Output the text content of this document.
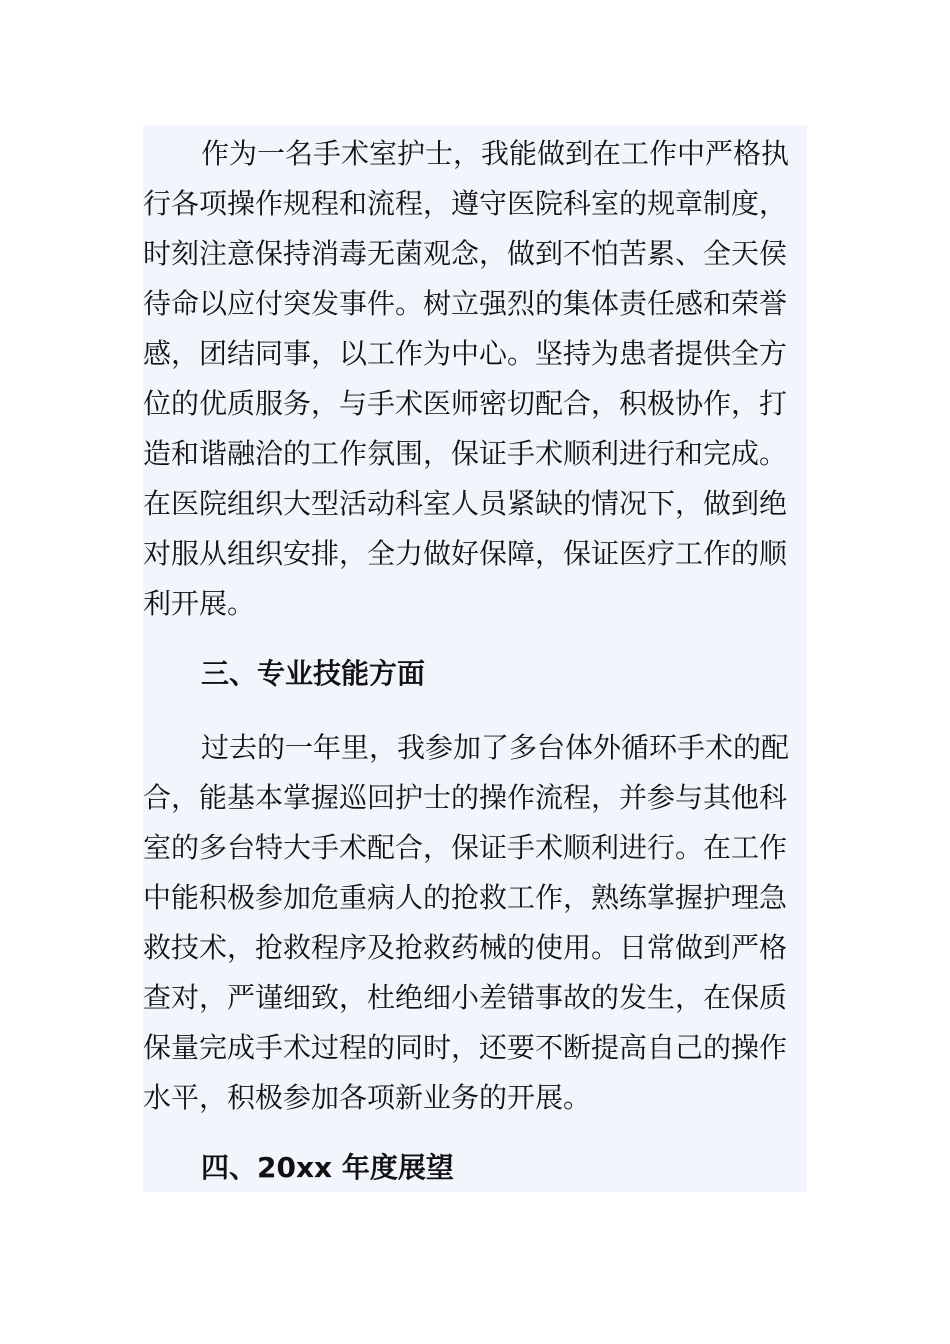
作为一名手术室护士，我能做到在工作中严格执
行各项操作规程和流程，遵守医院科室的规章制度，
时刻注意保持消毒无菌观念，做到不怕苦累、全天侯
待命以应付突发事件。树立强烈的集体责任感和荣誉
感，团结同事，以工作为中心。坚持为患者提供全方
位的优质服务，与手术医师密切配合，积极协作，打
造和谐融洽的工作氛围，保证手术顺利进行和完成。
在医院组织大型活动科室人员紧缺的情况下，做到绝
对服从组织安排，全力做好保障，保证医疗工作的顺
利开展。
三、专业技能方面
过去的一年里，我参加了多台体外循环手术的配
合，能基本掌握巡回护士的操作流程，并参与其他科
室的多台特大手术配合，保证手术顺利进行。在工作
中能积极参加危重病人的抢救工作，熟练掌握护理急
救技术，抢救程序及抢救药械的使用。日常做到严格
查对，严谨细致，杜绝细小差错事故的发生，在保质
保量完成手术过程的同时，还要不断提高自己的操作
水平，积极参加各项新业务的开展。
四、20xx 年度展望
